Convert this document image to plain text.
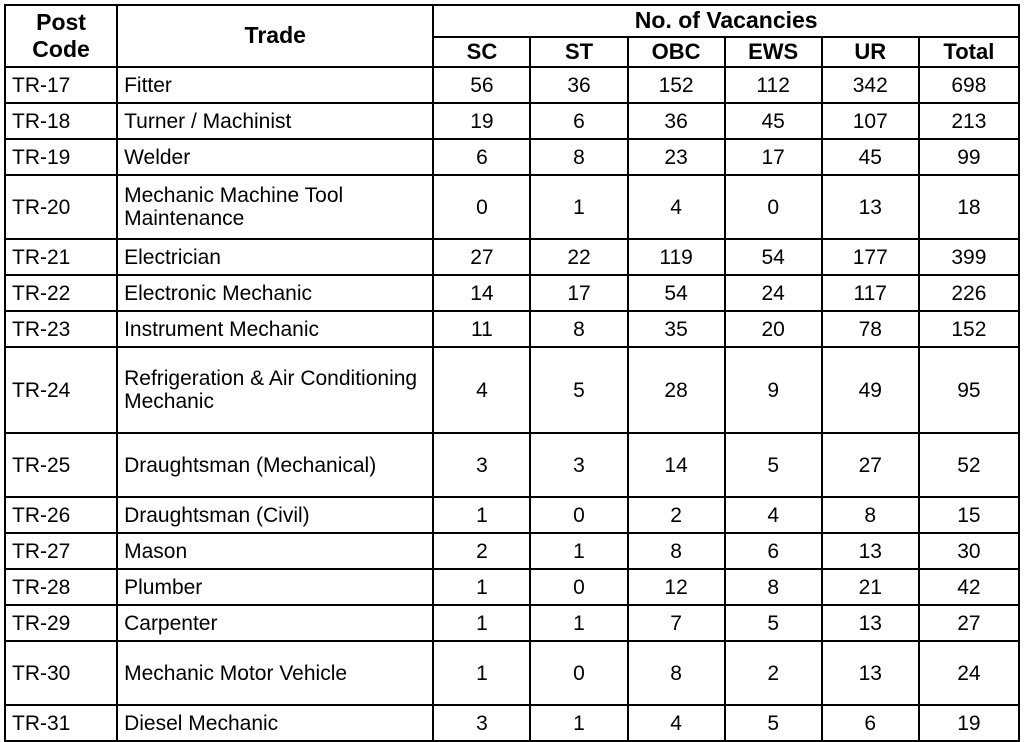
Post Code	Trade	No. of Vacancies					
		SC	ST	OBC	EWS	UR	Total
TR-17	Fitter	56	36	152	112	342	698
TR-18	Turner / Machinist	19	6	36	45	107	213
TR-19	Welder	6	8	23	17	45	99
TR-20	Mechanic Machine Tool Maintenance	0	1	4	0	13	18
TR-21	Electrician	27	22	119	54	177	399
TR-22	Electronic Mechanic	14	17	54	24	117	226
TR-23	Instrument Mechanic	11	8	35	20	78	152
TR-24	Refrigeration & Air Conditioning Mechanic	4	5	28	9	49	95
TR-25	Draughtsman (Mechanical)	3	3	14	5	27	52
TR-26	Draughtsman (Civil)	1	0	2	4	8	15
TR-27	Mason	2	1	8	6	13	30
TR-28	Plumber	1	0	12	8	21	42
TR-29	Carpenter	1	1	7	5	13	27
TR-30	Mechanic Motor Vehicle	1	0	8	2	13	24
TR-31	Diesel Mechanic	3	1	4	5	6	19
